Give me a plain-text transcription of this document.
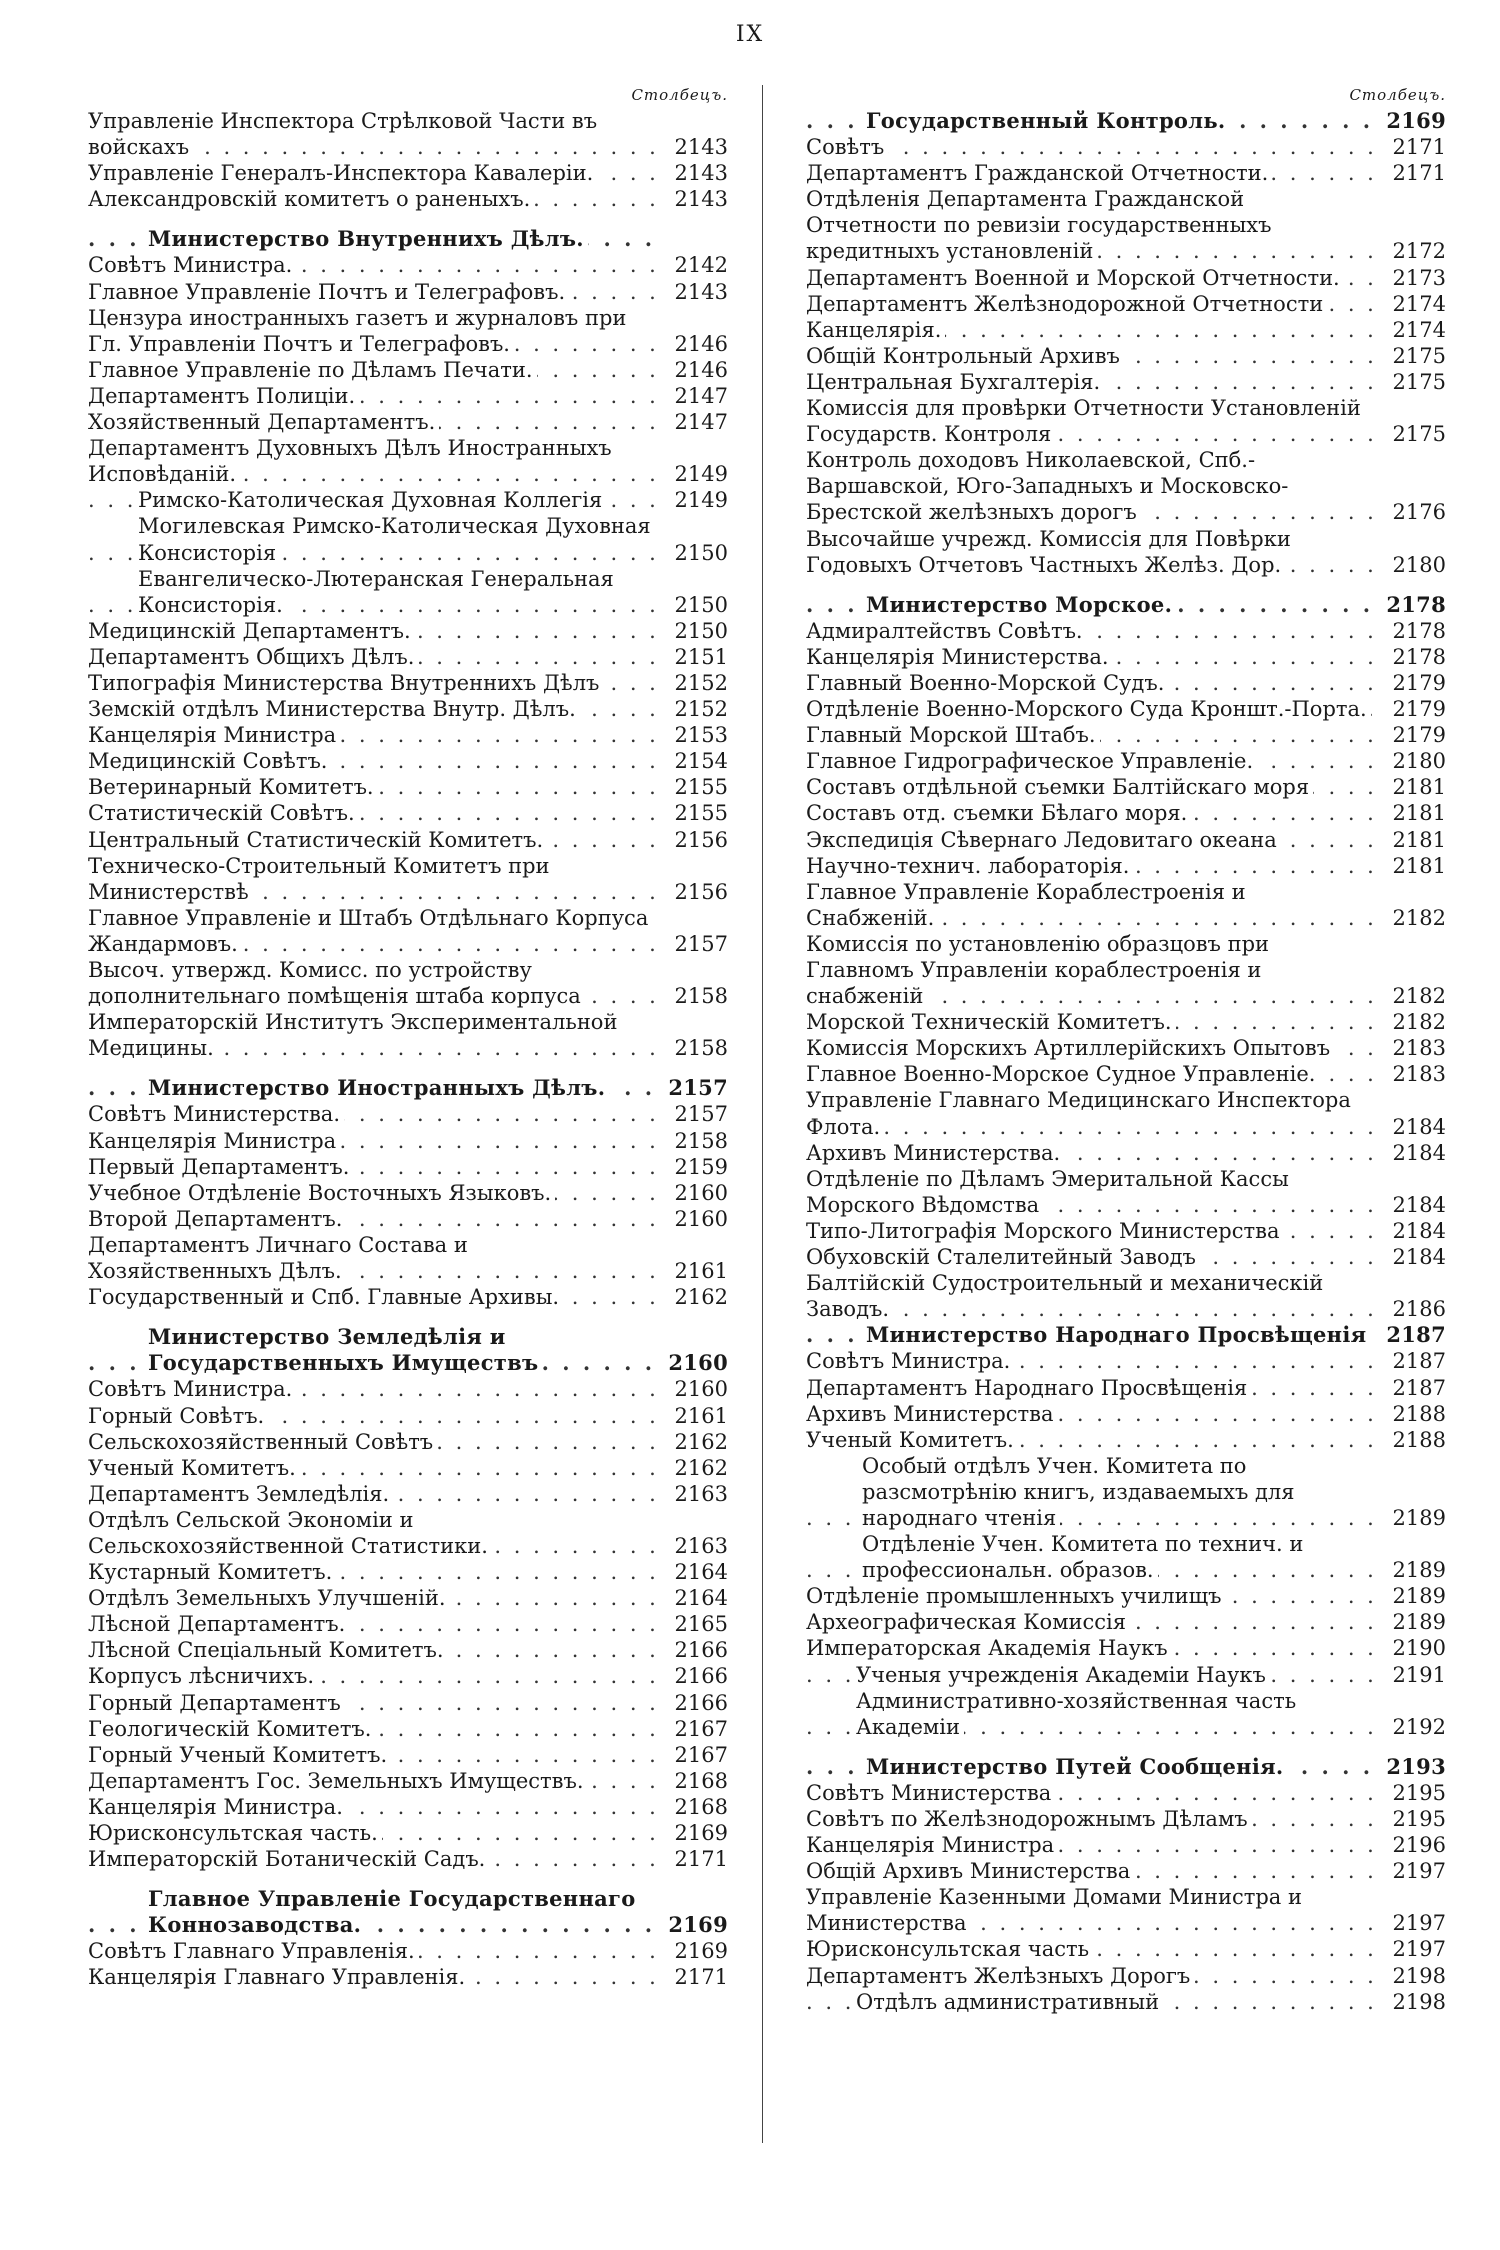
IX
Столбецъ.
Управленіе Инспектора Стрѣлковой Части въ войскахъ . . .	2143
Управленіе Генералъ-Инспектора Кавалеріи. . . .	2143
Александровскій комитетъ о раненыхъ. . . .	2143
Министерство Внутреннихъ Дѣлъ. . . .
Совѣтъ Министра. . . .	2142
Главное Управленіе Почтъ и Телеграфовъ. . . .	2143
Цензура иностранныхъ газетъ и журналовъ при Гл. Управленіи Почтъ и Телеграфовъ. . . .	2146
Главное Управленіе по Дѣламъ Печати. . . .	2146
Департаментъ Полиціи. . . .	2147
Хозяйственный Департаментъ. . . .	2147
Департаментъ Духовныхъ Дѣлъ Иностранныхъ Исповѣданій. . . .	2149
Римско-Католическая Духовная Коллегія . . .	2149
Могилевская Римско-Католическая Духовная Консисторія . . .	2150
Евангелическо-Лютеранская Генеральная Консисторія. . . .	2150
Медицинскій Департаментъ. . . .	2150
Департаментъ Общихъ Дѣлъ. . . .	2151
Типографія Министерства Внутреннихъ Дѣлъ . . .	2152
Земскій отдѣлъ Министерства Внутр. Дѣлъ. . . .	2152
Канцелярія Министра . . .	2153
Медицинскій Совѣтъ. . . .	2154
Ветеринарный Комитетъ. . . .	2155
Статистическій Совѣтъ. . . .	2155
Центральный Статистическій Комитетъ. . . .	2156
Техническо-Строительный Комитетъ при Министерствѣ . . .	2156
Главное Управленіе и Штабъ Отдѣльнаго Корпуса Жандармовъ. . . .	2157
Высоч. утвержд. Комисс. по устройству дополнительнаго помѣщенія штаба корпуса . . .	2158
Императорскій Институтъ Экспериментальной Медицины. . . .	2158
Министерство Иностранныхъ Дѣлъ. . . .	2157
Совѣтъ Министерства. . . .	2157
Канцелярія Министра . . .	2158
Первый Департаментъ. . . .	2159
Учебное Отдѣленіе Восточныхъ Языковъ. . . .	2160
Второй Департаментъ. . . .	2160
Департаментъ Личнаго Состава и Хозяйственныхъ Дѣлъ. . . .	2161
Государственный и Спб. Главные Архивы. . . .	2162
Министерство Земледѣлія и Государственныхъ Имуществъ . . .	2160
Совѣтъ Министра. . . .	2160
Горный Совѣтъ. . . .	2161
Сельскохозяйственный Совѣтъ . . .	2162
Ученый Комитетъ. . . .	2162
Департаментъ Земледѣлія. . . .	2163
Отдѣлъ Сельской Экономіи и Сельскохозяйственной Статистики. . . .	2163
Кустарный Комитетъ. . . .	2164
Отдѣлъ Земельныхъ Улучшеній. . . .	2164
Лѣсной Департаментъ. . . .	2165
Лѣсной Спеціальный Комитетъ. . . .	2166
Корпусъ лѣсничихъ. . . .	2166
Горный Департаментъ . . .	2166
Геологическій Комитетъ. . . .	2167
Горный Ученый Комитетъ. . . .	2167
Департаментъ Гос. Земельныхъ Имуществъ. . . .	2168
Канцелярія Министра. . . .	2168
Юрисконсультская часть. . . .	2169
Императорскій Ботаническій Садъ. . . .	2171
Главное Управленіе Государственнаго Коннозаводства. . . .	2169
Совѣтъ Главнаго Управленія. . . .	2169
Канцелярія Главнаго Управленія. . . .	2171
Столбецъ.
Государственный Контроль. . . .	2169
Совѣтъ . . .	2171
Департаментъ Гражданской Отчетности. . . .	2171
Отдѣленія Департамента Гражданской Отчетности по ревизіи государственныхъ кредитныхъ установленій . . .	2172
Департаментъ Военной и Морской Отчетности. . . .	2173
Департаментъ Желѣзнодорожной Отчетности . . .	2174
Канцелярія. . . .	2174
Общій Контрольный Архивъ . . .	2175
Центральная Бухгалтерія. . . .	2175
Комиссія для провѣрки Отчетности Установленій Государств. Контроля . . .	2175
Контроль доходовъ Николаевской, Спб.-Варшавской, Юго-Западныхъ и Московско-Брестской желѣзныхъ дорогъ . . .	2176
Высочайше учрежд. Комиссія для Повѣрки Годовыхъ Отчетовъ Частныхъ Желѣз. Дор. . . .	2180
Министерство Морское. . . .	2178
Адмиралтействъ Совѣтъ. . . .	2178
Канцелярія Министерства. . . .	2178
Главный Военно-Морской Судъ. . . .	2179
Отдѣленіе Военно-Морского Суда Кроншт.-Порта. . . .	2179
Главный Морской Штабъ. . . .	2179
Главное Гидрографическое Управленіе. . . .	2180
Составъ отдѣльной съемки Балтійскаго моря . . .	2181
Составъ отд. съемки Бѣлаго моря. . . .	2181
Экспедиція Сѣвернаго Ледовитаго океана . . .	2181
Научно-технич. лабораторія. . . .	2181
Главное Управленіе Кораблестроенія и Снабженій. . . .	2182
Комиссія по установленію образцовъ при Главномъ Управленіи кораблестроенія и снабженій . . .	2182
Морской Техническій Комитетъ. . . .	2182
Комиссія Морскихъ Артиллерійскихъ Опытовъ . . .	2183
Главное Военно-Морское Судное Управленіе. . . .	2183
Управленіе Главнаго Медицинскаго Инспектора Флота. . . .	2184
Архивъ Министерства. . . .	2184
Отдѣленіе по Дѣламъ Эмеритальной Кассы Морского Вѣдомства . . .	2184
Типо-Литографія Морского Министерства . . .	2184
Обуховскій Сталелитейный Заводъ . . .	2184
Балтійскій Судостроительный и механическій Заводъ. . . .	2186
Министерство Народнаго Просвѣщенія . . . 2187
Совѣтъ Министра. . . .	2187
Департаментъ Народнаго Просвѣщенія . . .	2187
Архивъ Министерства . . .	2188
Ученый Комитетъ. . . .	2188
Особый отдѣлъ Учен. Комитета по разсмотрѣнію книгъ, издаваемыхъ для народнаго чтенія . . .	2189
Отдѣленіе Учен. Комитета по технич. и профессиональн. образов. . . .	2189
Отдѣленіе промышленныхъ училищъ . . .	2189
Археографическая Комиссія . . .	2189
Императорская Академія Наукъ . . .	2190
Ученыя учрежденія Академіи Наукъ . . .	2191
Административно-хозяйственная часть Академіи . . .	2192
Министерство Путей Сообщенія. . . .	2193
Совѣтъ Министерства . . .	2195
Совѣтъ по Желѣзнодорожнымъ Дѣламъ . . .	2195
Канцелярія Министра . . .	2196
Общій Архивъ Министерства . . .	2197
Управленіе Казенными Домами Министра и Министерства . . .	2197
Юрисконсультская часть . . .	2197
Департаментъ Желѣзныхъ Дорогъ . . .	2198
Отдѣлъ административный . . .	2198
